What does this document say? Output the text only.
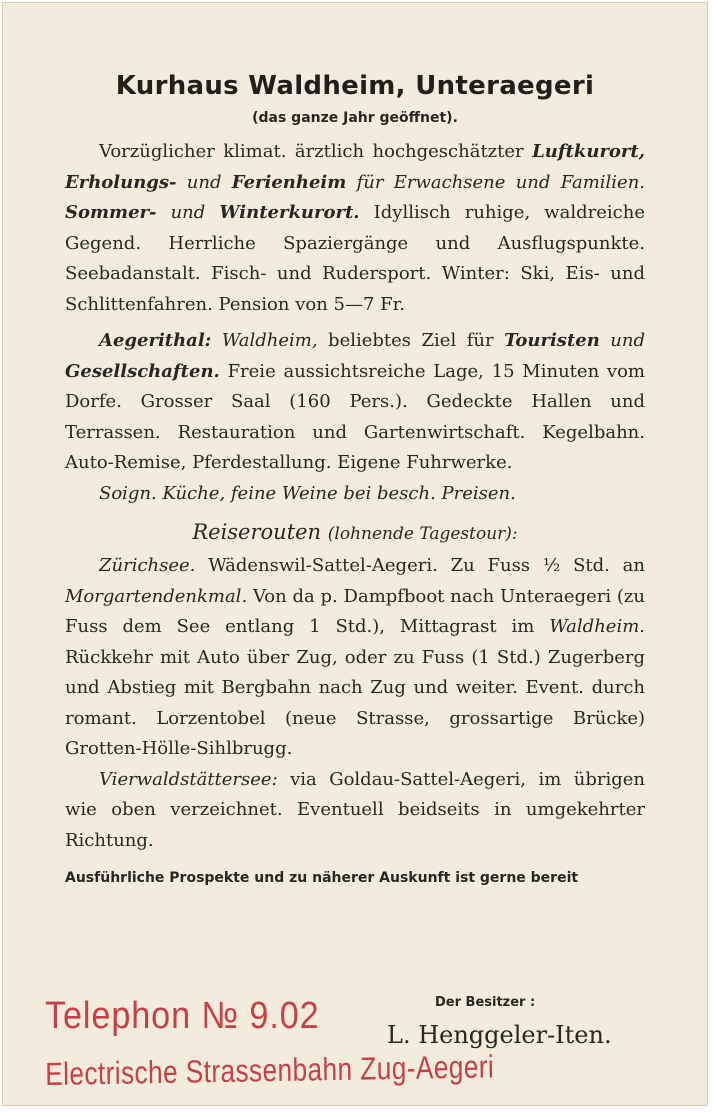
Kurhaus Waldheim, Unteraegeri
(das ganze Jahr geöffnet).

Vorzüglicher klimat. ärztlich hochgeschätzter Luftkurort, Erholungs- und Ferienheim für Erwachsene und Familien. Sommer- und Winterkurort. Idyllisch ruhige, waldreiche Gegend. Herrliche Spaziergänge und Ausflugspunkte. Seebadanstalt. Fisch- und Rudersport. Winter: Ski, Eis- und Schlittenfahren. Pension von 5—7 Fr.

Aegerithal: Waldheim, beliebtes Ziel für Touristen und Gesellschaften. Freie aussichtsreiche Lage, 15 Minuten vom Dorfe. Grosser Saal (160 Pers.). Gedeckte Hallen und Terrassen. Restauration und Gartenwirtschaft. Kegelbahn. Auto-Remise, Pferdestallung. Eigene Fuhrwerke.

Soign. Küche, feine Weine bei besch. Preisen.

Reiserouten (lohnende Tagestour):

Zürichsee. Wädenswil-Sattel-Aegeri. Zu Fuss ½ Std. an Morgartendenkmal. Von da p. Dampfboot nach Unteraegeri (zu Fuss dem See entlang 1 Std.), Mittagrast im Waldheim. Rückkehr mit Auto über Zug, oder zu Fuss (1 Std.) Zugerberg und Abstieg mit Bergbahn nach Zug und weiter. Event. durch romant. Lorzentobel (neue Strasse, grossartige Brücke) Grotten-Hölle-Sihlbrugg.

Vierwaldstättersee: via Goldau-Sattel-Aegeri, im übrigen wie oben verzeichnet. Eventuell beidseits in umgekehrter Richtung.

Ausführliche Prospekte und zu näherer Auskunft ist gerne bereit
Telephon № 9.02
Electrische Strassenbahn Zug-Aegeri
Der Besitzer :
L. Henggeler-Iten.
